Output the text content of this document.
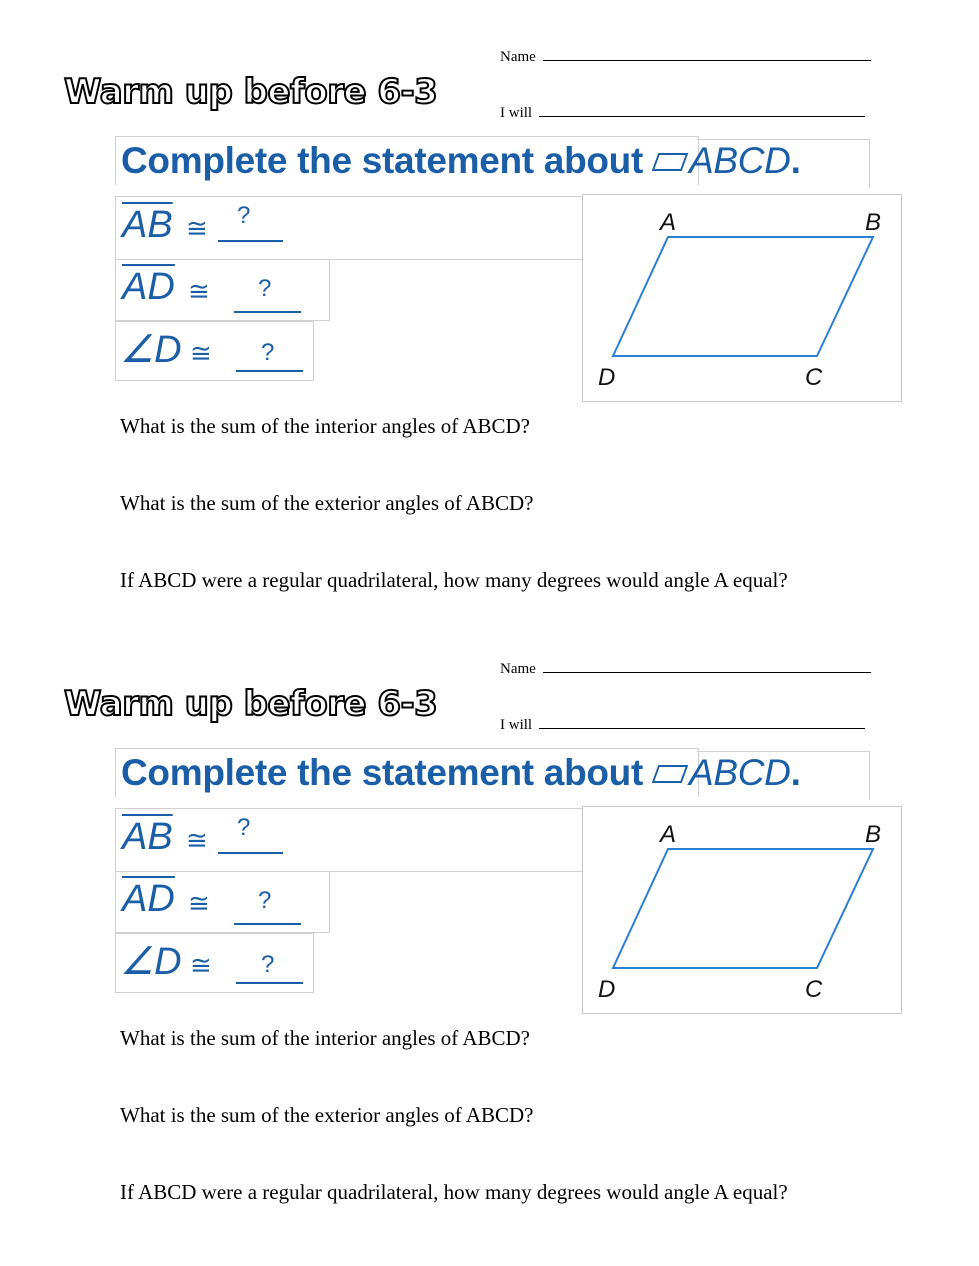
Warm up before 6-3
Name
I will
Complete the statement about ABCD.
$\overline{AB}$ ≅ ?
$\overline{AD}$ ≅ ?
∠D ≅ ?
A	B
C
D
What is the sum of the interior angles of ABCD?
What is the sum of the exterior angles of ABCD?
If ABCD were a regular quadrilateral, how many degrees would angle A equal?
Warm up before 6-3
Name
I will
Complete the statement about ABCD.
$\overline{AB}$ ≅ ?
$\overline{AD}$ ≅ ?
∠D ≅ ?
A	B
C
D
What is the sum of the interior angles of ABCD?
What is the sum of the exterior angles of ABCD?
If ABCD were a regular quadrilateral, how many degrees would angle A equal?
